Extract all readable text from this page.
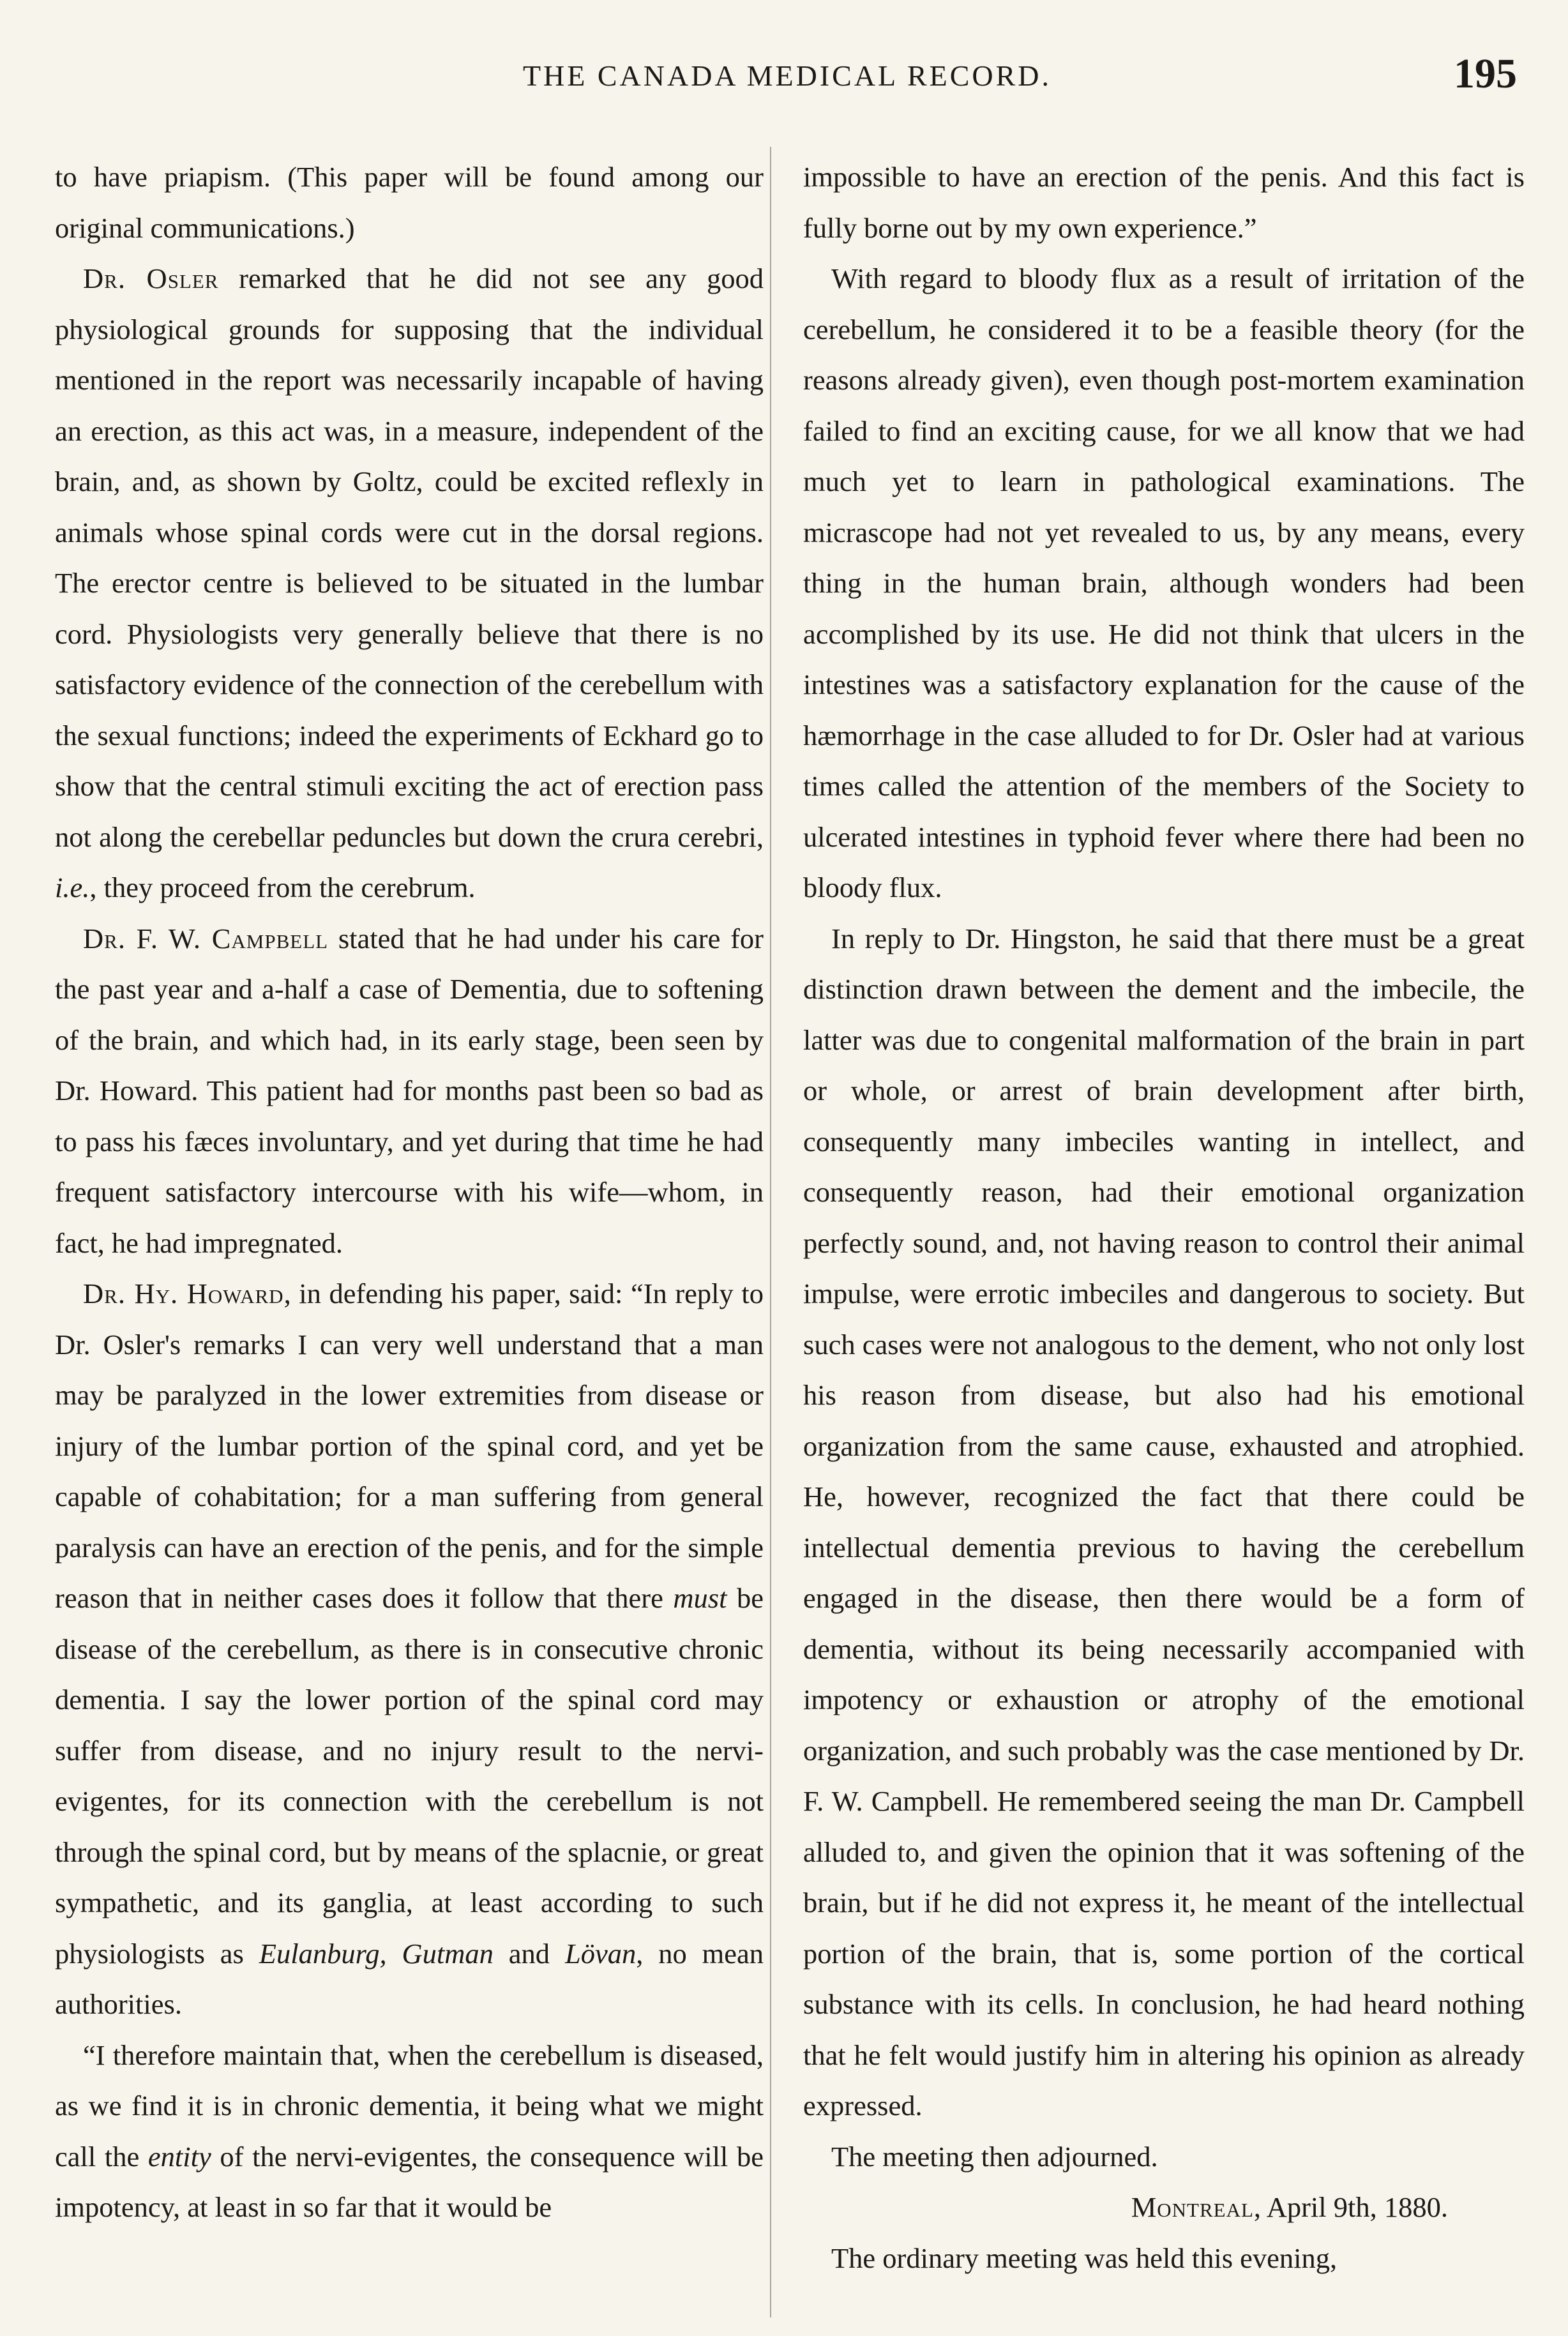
THE CANADA MEDICAL RECORD.	195

to have priapism. (This paper will be found among our original communications.)

Dr. Osler remarked that he did not see any good physiological grounds for supposing that the individual mentioned in the report was necessarily incapable of having an erection, as this act was, in a measure, independent of the brain, and, as shown by Goltz, could be excited reflexly in animals whose spinal cords were cut in the dorsal regions. The erector centre is believed to be situated in the lumbar cord. Physiologists very generally believe that there is no satisfactory evidence of the connection of the cerebellum with the sexual functions; indeed the experiments of Eckhard go to show that the central stimuli exciting the act of erection pass not along the cerebellar peduncles but down the crura cerebri, i.e., they proceed from the cerebrum.

Dr. F. W. Campbell stated that he had under his care for the past year and a-half a case of Dementia, due to softening of the brain, and which had, in its early stage, been seen by Dr. Howard. This patient had for months past been so bad as to pass his fæces involuntary, and yet during that time he had frequent satisfactory intercourse with his wife—whom, in fact, he had impregnated.

Dr. Hy. Howard, in defending his paper, said: “In reply to Dr. Osler's remarks I can very well understand that a man may be paralyzed in the lower extremities from disease or injury of the lumbar portion of the spinal cord, and yet be capable of cohabitation; for a man suffering from general paralysis can have an erection of the penis, and for the simple reason that in neither cases does it follow that there must be disease of the cerebellum, as there is in consecutive chronic dementia. I say the lower portion of the spinal cord may suffer from disease, and no injury result to the nervi-evigentes, for its connection with the cerebellum is not through the spinal cord, but by means of the splacnie, or great sympathetic, and its ganglia, at least according to such physiologists as Eulanburg, Gutman and Lövan, no mean authorities.

“I therefore maintain that, when the cerebellum is diseased, as we find it is in chronic dementia, it being what we might call the entity of the nervi-evigentes, the consequence will be impotency, at least in so far that it would be

impossible to have an erection of the penis. And this fact is fully borne out by my own experience.”

With regard to bloody flux as a result of irritation of the cerebellum, he considered it to be a feasible theory (for the reasons already given), even though post-mortem examination failed to find an exciting cause, for we all know that we had much yet to learn in pathological examinations. The micrascope had not yet revealed to us, by any means, every thing in the human brain, although wonders had been accomplished by its use. He did not think that ulcers in the intestines was a satisfactory explanation for the cause of the hæmorrhage in the case alluded to for Dr. Osler had at various times called the attention of the members of the Society to ulcerated intestines in typhoid fever where there had been no bloody flux.

In reply to Dr. Hingston, he said that there must be a great distinction drawn between the dement and the imbecile, the latter was due to congenital malformation of the brain in part or whole, or arrest of brain development after birth, consequently many imbeciles wanting in intellect, and consequently reason, had their emotional organization perfectly sound, and, not having reason to control their animal impulse, were errotic imbeciles and dangerous to society. But such cases were not analogous to the dement, who not only lost his reason from disease, but also had his emotional organization from the same cause, exhausted and atrophied. He, however, recognized the fact that there could be intellectual dementia previous to having the cerebellum engaged in the disease, then there would be a form of dementia, without its being necessarily accompanied with impotency or exhaustion or atrophy of the emotional organization, and such probably was the case mentioned by Dr. F. W. Campbell. He remembered seeing the man Dr. Campbell alluded to, and given the opinion that it was softening of the brain, but if he did not express it, he meant of the intellectual portion of the brain, that is, some portion of the cortical substance with its cells. In conclusion, he had heard nothing that he felt would justify him in altering his opinion as already expressed.

The meeting then adjourned.

Montreal, April 9th, 1880.

The ordinary meeting was held this evening,
